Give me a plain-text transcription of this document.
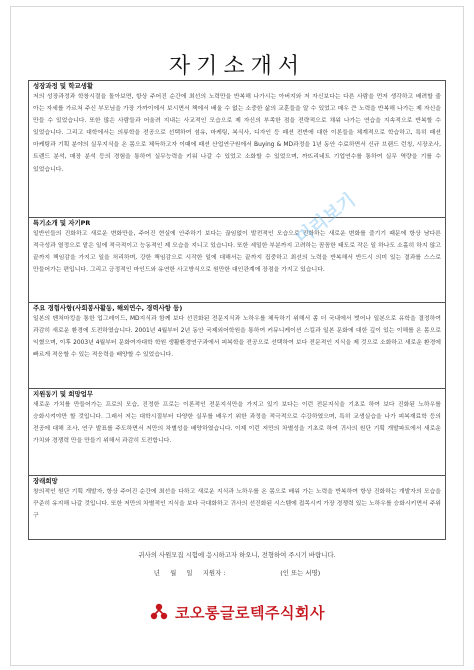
자기소개서

성장과정 및 학교생활

저의 성장과정과 학창시절을 돌아보면, 항상 주어진 순간에 최선의 노력만을 반복해 나가시는 아버지와 저 자신보다는 다른 사람을 먼저 생각하고 배려할 줄 아는 자세를 가르쳐 주신 부모님을 가장 가까이에서 보시면서 책에서 배울 수 없는 소중한 삶의 교훈들을 알 수 있었고 매우 큰 노력을 반복해 나가는 제 자신을 만들 수 있었습니다. 또한 많은 사람들과 어울려 지내는 사교적인 모습으로 제 자신의 부족한 점을 전략적으로 채워 나가는 연습을 지속적으로 반복할 수 있었습니다. 그리고 대학에서는 의류학을 전공으로 선택하여 섬유, 마케팅, 복식사, 디자인 등 패션 전반에 대한 이론들을 체계적으로 학습하고, 특히 패션 마케팅과 기획 분야의 실무지식을 온 몸으로 체득하고자 이때에 패션 산업연구원에서 Buying & MD과정을 1년 동안 수료하면서 신규 브랜드 런칭, 시장조사, 트렌드 분석, 매장 분석 등의 경험을 통하여 실무능력을 키워 나갈 수 있었고 소화할 수 있었으며, 까뜨리네트 기업연수를 통하여 실무 역량을 기를 수 있었습니다.

특기소개 및 자기PR

일반인들의 진화하고 새로운 변화만을, 주어진 현실에 안주하기 보다는 끊임없이 발전적인 모습으로 진화하는 새로운 변화를 즐기기 때문에 항상 남다른 적극성과 열정으로 맡은 일에 적극적이고 능동적인 제 모습을 지니고 있습니다. 또한 세밀한 부분까지 고려하는 꼼꼼한 태도로 작은 일 하나도 소홀히 하지 않고 끝까지 책임감을 가지고 일을 처리하며, 강한 책임감으로 시작한 일에 대해서는 끝까지 집중하고 최선의 노력을 반복해서 반드시 의미 있는 결과를 스스로 만들어가는 편입니다. 그리고 긍정적인 마인드와 유연한 사고방식으로 원만한 대인관계에 장점을 가지고 있습니다.

주요 경험사항(사회봉사활동, 해외연수, 경력사항 등)

일본의 벤처마킹을 통한 업그레이드, MD지식과 함께 보다 선진화된 전문지식과 노하우를 체득하기 위해서 좀 더 국내에서 벗어나 일본으로 유학을 결정하여 과감히 새로운 환경에 도전하였습니다. 2001년 4월부터 2년 동안 국제외어학원을 통하여 커뮤니케이션 스킬과 일본 문화에 대한 깊이 있는 이해를 온 몸으로 익혔으며, 이후 2003년 4월부터 문화여자대학 학원 생활환경연구과에서 피복학을 전공으로 선택하여 보다 전문적인 지식을 제 것으로 소화하고 새로운 환경에 빠르게 적응할 수 있는 적응력을 배양할 수 있었습니다.

지원동기 및 희망업무

새로운 가치를 만들어가는 프로의 모습, 진정한 프로는 이론적인 전문지식만을 가지고 있기 보다는 이런 전문지식을 기초로 하여 보다 진화된 노하우를 승화시켜야만 할 것입니다. 그래서 저는 대학시절부터 다양한 실무를 배우기 위한 과정을 적극적으로 수강하였으며, 특히 교생실습을 나가 피복재료학 등의 전공에 대해 조사, 연구 발표를 주도하면서 저만의 차별성을 배양하였습니다. 이제 이런 저만의 차별성을 기초로 하여 귀사의 원단 기획 개발파트에서 새로운 가치와 경쟁력 만을 만들기 위해서 과감히 도전합니다.

장래희망

창의적인 원단 기획 개발자, 항상 주어진 순간에 최선을 다하고 새로운 지식과 노하우를 온 몸으로 배워 가는 노력을 반복하여 항상 진화하는 개발자의 모습을 꾸준히 유지해 나갈 것입니다. 또한 저만의 차별적인 지식을 보다 극대화하고 귀사의 선진화된 시스템에 접목시켜 가장 경쟁력 있는 노하우를 승화시키면서 주위 구

미리보기
귀사의 사원모집 시험에 응시하고자 하오니, 전형하여 주시기 바랍니다.
년     월     일     지원자 :                           (인 또는 서명)
코오롱글로텍주식회사
